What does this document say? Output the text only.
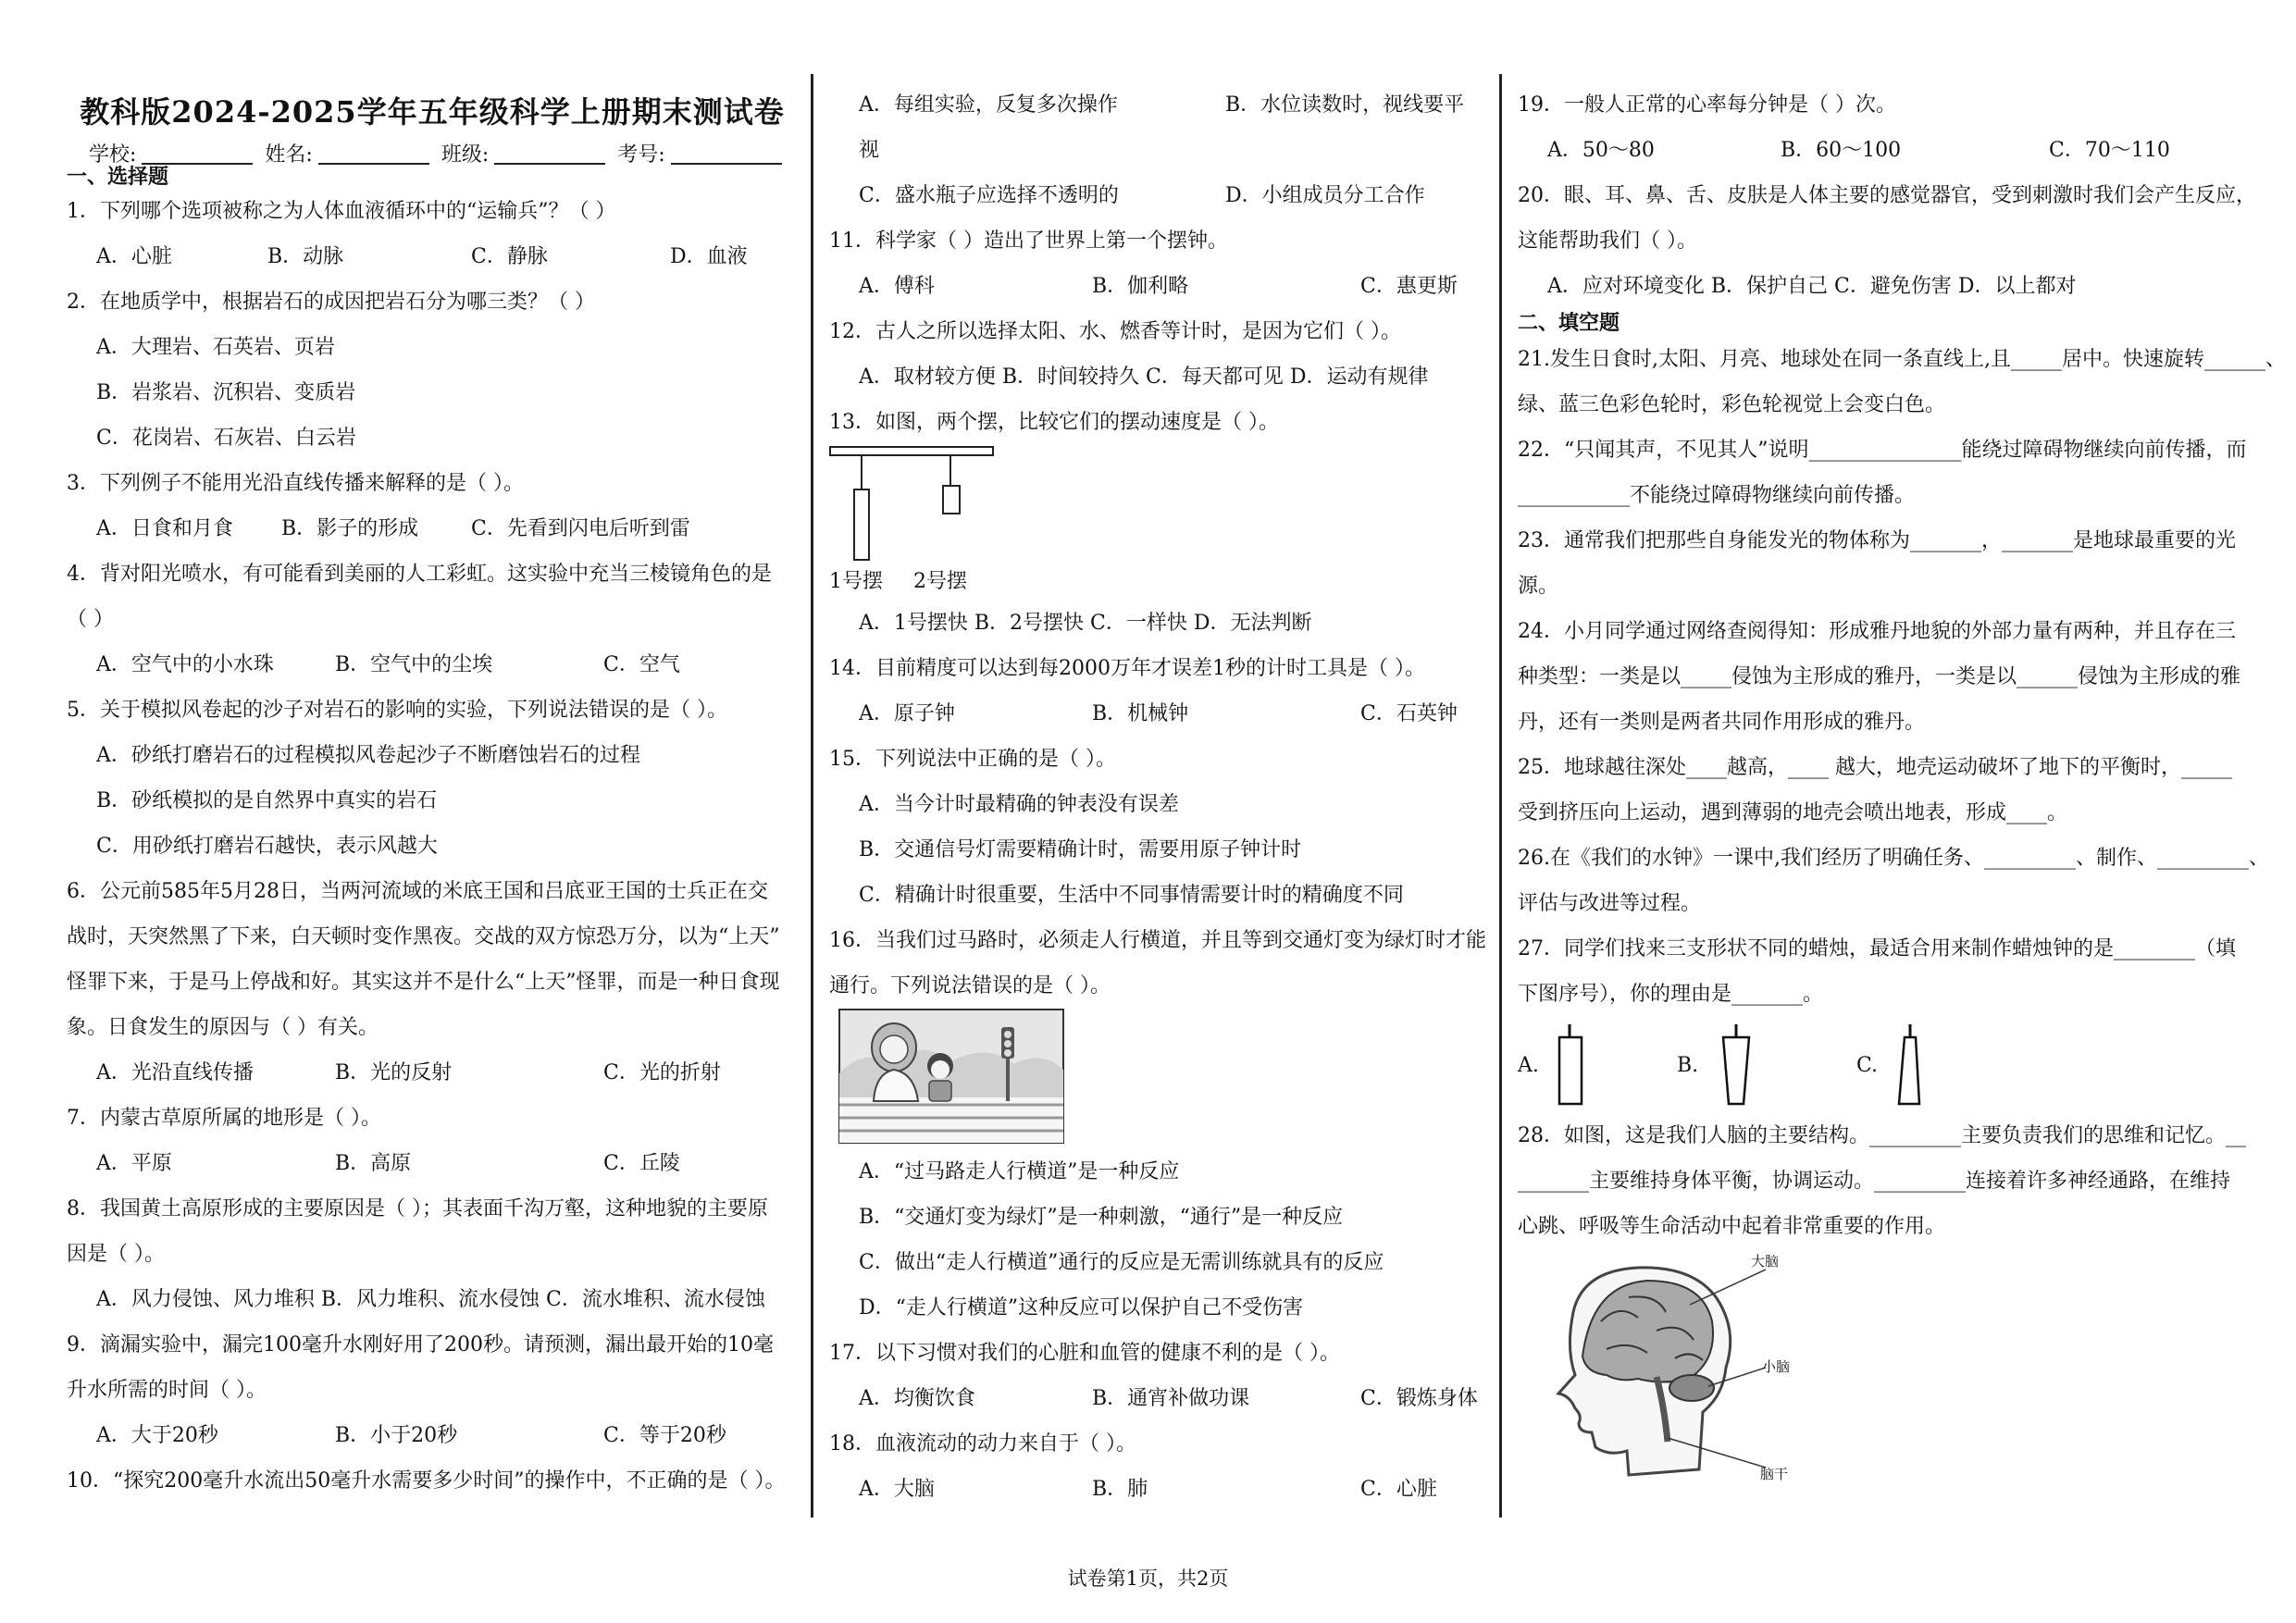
教科版2024-2025学年五年级科学上册期末测试卷
学校:	姓名:	班级:	考号:
一、选择题
1．下列哪个选项被称之为人体血液循环中的“运输兵”？（ ）
A．心脏	B．动脉	C．静脉	D．血液
2．在地质学中，根据岩石的成因把岩石分为哪三类？（ ）
A．大理岩、石英岩、页岩
B．岩浆岩、沉积岩、变质岩
C．花岗岩、石灰岩、白云岩
3．下列例子不能用光沿直线传播来解释的是（ ）。
A．日食和月食	B．影子的形成	C．先看到闪电后听到雷
4．背对阳光喷水，有可能看到美丽的人工彩虹。这实验中充当三棱镜角色的是
（ ）
A．空气中的小水珠	B．空气中的尘埃	C．空气
5．关于模拟风卷起的沙子对岩石的影响的实验，下列说法错误的是（ ）。
A．砂纸打磨岩石的过程模拟风卷起沙子不断磨蚀岩石的过程
B．砂纸模拟的是自然界中真实的岩石
C．用砂纸打磨岩石越快，表示风越大
6．公元前585年5月28日，当两河流域的米底王国和吕底亚王国的士兵正在交
战时，天突然黑了下来，白天顿时变作黑夜。交战的双方惊恐万分，以为“上天”
怪罪下来，于是马上停战和好。其实这并不是什么“上天”怪罪，而是一种日食现
象。日食发生的原因与（ ）有关。
A．光沿直线传播	B．光的反射	C．光的折射
7．内蒙古草原所属的地形是（ ）。
A．平原	B．高原	C．丘陵
8．我国黄土高原形成的主要原因是（ ）；其表面千沟万壑，这种地貌的主要原
因是（ ）。
A．风力侵蚀、风力堆积 B．风力堆积、流水侵蚀 C．流水堆积、流水侵蚀
9．滴漏实验中，漏完100毫升水刚好用了200秒。请预测，漏出最开始的10毫
升水所需的时间（ ）。
A．大于20秒	B．小于20秒	C．等于20秒
10．“探究200毫升水流出50毫升水需要多少时间”的操作中，不正确的是（ ）。
A．每组实验，反复多次操作	B．水位读数时，视线要平
视
C．盛水瓶子应选择不透明的	D．小组成员分工合作
11．科学家（ ）造出了世界上第一个摆钟。
A．傅科	B．伽利略	C．惠更斯
12．古人之所以选择太阳、水、燃香等计时，是因为它们（ ）。
A．取材较方便 B．时间较持久 C．每天都可见 D．运动有规律
13．如图，两个摆，比较它们的摆动速度是（ ）。
1号摆 2号摆
A．1号摆快 B．2号摆快 C．一样快 D．无法判断
14．目前精度可以达到每2000万年才误差1秒的计时工具是（ ）。
A．原子钟	B．机械钟	C．石英钟
15．下列说法中正确的是（ ）。
A．当今计时最精确的钟表没有误差
B．交通信号灯需要精确计时，需要用原子钟计时
C．精确计时很重要，生活中不同事情需要计时的精确度不同
16．当我们过马路时，必须走人行横道，并且等到交通灯变为绿灯时才能
通行。下列说法错误的是（ ）。
A．“过马路走人行横道”是一种反应
B．“交通灯变为绿灯”是一种刺激，“通行”是一种反应
C．做出“走人行横道”通行的反应是无需训练就具有的反应
D．“走人行横道”这种反应可以保护自己不受伤害
17．以下习惯对我们的心脏和血管的健康不利的是（ ）。
A．均衡饮食	B．通宵补做功课	C．锻炼身体
18．血液流动的动力来自于（ ）。
A．大脑	B．肺	C．心脏
19．一般人正常的心率每分钟是（ ）次。
A．50～80	B．60～100	C．70～110
20．眼、耳、鼻、舌、皮肤是人体主要的感觉器官，受到刺激时我们会产生反应，
这能帮助我们（ ）。
A．应对环境变化 B．保护自己 C．避免伤害 D．以上都对
二、填空题
21.发生日食时,太阳、月亮、地球处在同一条直线上,且_____居中。快速旋转______、
绿、蓝三色彩色轮时，彩色轮视觉上会变白色。
22．“只闻其声，不见其人”说明_______________能绕过障碍物继续向前传播，而
___________不能绕过障碍物继续向前传播。
23．通常我们把那些自身能发光的物体称为_______，_______是地球最重要的光
源。
24．小月同学通过网络查阅得知：形成雅丹地貌的外部力量有两种，并且存在三
种类型：一类是以_____侵蚀为主形成的雅丹，一类是以______侵蚀为主形成的雅
丹，还有一类则是两者共同作用形成的雅丹。
25．地球越往深处____越高，____ 越大，地壳运动破坏了地下的平衡时，_____
受到挤压向上运动，遇到薄弱的地壳会喷出地表，形成____。
26.在《我们的水钟》一课中,我们经历了明确任务、_________、制作、_________、
评估与改进等过程。
27．同学们找来三支形状不同的蜡烛，最适合用来制作蜡烛钟的是________（填
下图序号），你的理由是_______。
A.	B.	C.
28．如图，这是我们人脑的主要结构。_________主要负责我们的思维和记忆。__
_______主要维持身体平衡，协调运动。_________连接着许多神经通路，在维持
心跳、呼吸等生命活动中起着非常重要的作用。
大脑
小脑
脑干
试卷第1页，共2页
